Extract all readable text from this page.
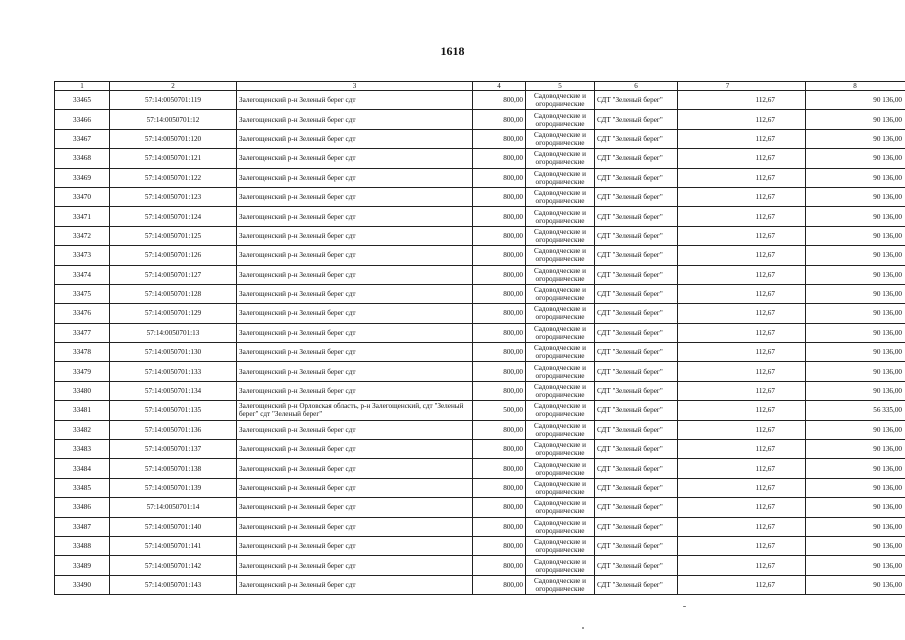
1618
1	2	3	4	5	6	7	8
33465	57:14:0050701:119	Залегощенский р-н Зеленый берег сдт	800,00	Садоводческие и огороднические	СДТ "Зеленый берег"	112,67	90 136,00
33466	57:14:0050701:12	Залегощенский р-н Зеленый берег сдт	800,00	Садоводческие и огороднические	СДТ "Зеленый берег"	112,67	90 136,00
33467	57:14:0050701:120	Залегощенский р-н Зеленый берег сдт	800,00	Садоводческие и огороднические	СДТ "Зеленый берег"	112,67	90 136,00
33468	57:14:0050701:121	Залегощенский р-н Зеленый берег сдт	800,00	Садоводческие и огороднические	СДТ "Зеленый берег"	112,67	90 136,00
33469	57:14:0050701:122	Залегощенский р-н Зеленый берег сдт	800,00	Садоводческие и огороднические	СДТ "Зеленый берег"	112,67	90 136,00
33470	57:14:0050701:123	Залегощенский р-н Зеленый берег сдт	800,00	Садоводческие и огороднические	СДТ "Зеленый берег"	112,67	90 136,00
33471	57:14:0050701:124	Залегощенский р-н Зеленый берег сдт	800,00	Садоводческие и огороднические	СДТ "Зеленый берег"	112,67	90 136,00
33472	57:14:0050701:125	Залегощенский р-н Зеленый берег сдт	800,00	Садоводческие и огороднические	СДТ "Зеленый берег"	112,67	90 136,00
33473	57:14:0050701:126	Залегощенский р-н Зеленый берег сдт	800,00	Садоводческие и огороднические	СДТ "Зеленый берег"	112,67	90 136,00
33474	57:14:0050701:127	Залегощенский р-н Зеленый берег сдт	800,00	Садоводческие и огороднические	СДТ "Зеленый берег"	112,67	90 136,00
33475	57:14:0050701:128	Залегощенский р-н Зеленый берег сдт	800,00	Садоводческие и огороднические	СДТ "Зеленый берег"	112,67	90 136,00
33476	57:14:0050701:129	Залегощенский р-н Зеленый берег сдт	800,00	Садоводческие и огороднические	СДТ "Зеленый берег"	112,67	90 136,00
33477	57:14:0050701:13	Залегощенский р-н Зеленый берег сдт	800,00	Садоводческие и огороднические	СДТ "Зеленый берег"	112,67	90 136,00
33478	57:14:0050701:130	Залегощенский р-н Зеленый берег сдт	800,00	Садоводческие и огороднические	СДТ "Зеленый берег"	112,67	90 136,00
33479	57:14:0050701:133	Залегощенский р-н Зеленый берег сдт	800,00	Садоводческие и огороднические	СДТ "Зеленый берег"	112,67	90 136,00
33480	57:14:0050701:134	Залегощенский р-н Зеленый берег сдт	800,00	Садоводческие и огороднические	СДТ "Зеленый берег"	112,67	90 136,00
33481	57:14:0050701:135	Залегощенский р-н Орловская область, р-н Залегощенский, сдт "Зеленый берег" сдт "Зеленый берег"	500,00	Садоводческие и огороднические	СДТ "Зеленый берег"	112,67	56 335,00
33482	57:14:0050701:136	Залегощенский р-н Зеленый берег сдт	800,00	Садоводческие и огороднические	СДТ "Зеленый берег"	112,67	90 136,00
33483	57:14:0050701:137	Залегощенский р-н Зеленый берег сдт	800,00	Садоводческие и огороднические	СДТ "Зеленый берег"	112,67	90 136,00
33484	57:14:0050701:138	Залегощенский р-н Зеленый берег сдт	800,00	Садоводческие и огороднические	СДТ "Зеленый берег"	112,67	90 136,00
33485	57:14:0050701:139	Залегощенский р-н Зеленый берег сдт	800,00	Садоводческие и огороднические	СДТ "Зеленый берег"	112,67	90 136,00
33486	57:14:0050701:14	Залегощенский р-н Зеленый берег сдт	800,00	Садоводческие и огороднические	СДТ "Зеленый берег"	112,67	90 136,00
33487	57:14:0050701:140	Залегощенский р-н Зеленый берег сдт	800,00	Садоводческие и огороднические	СДТ "Зеленый берег"	112,67	90 136,00
33488	57:14:0050701:141	Залегощенский р-н Зеленый берег сдт	800,00	Садоводческие и огороднические	СДТ "Зеленый берег"	112,67	90 136,00
33489	57:14:0050701:142	Залегощенский р-н Зеленый берег сдт	800,00	Садоводческие и огороднические	СДТ "Зеленый берег"	112,67	90 136,00
33490	57:14:0050701:143	Залегощенский р-н Зеленый берег сдт	800,00	Садоводческие и огороднические	СДТ "Зеленый берег"	112,67	90 136,00
